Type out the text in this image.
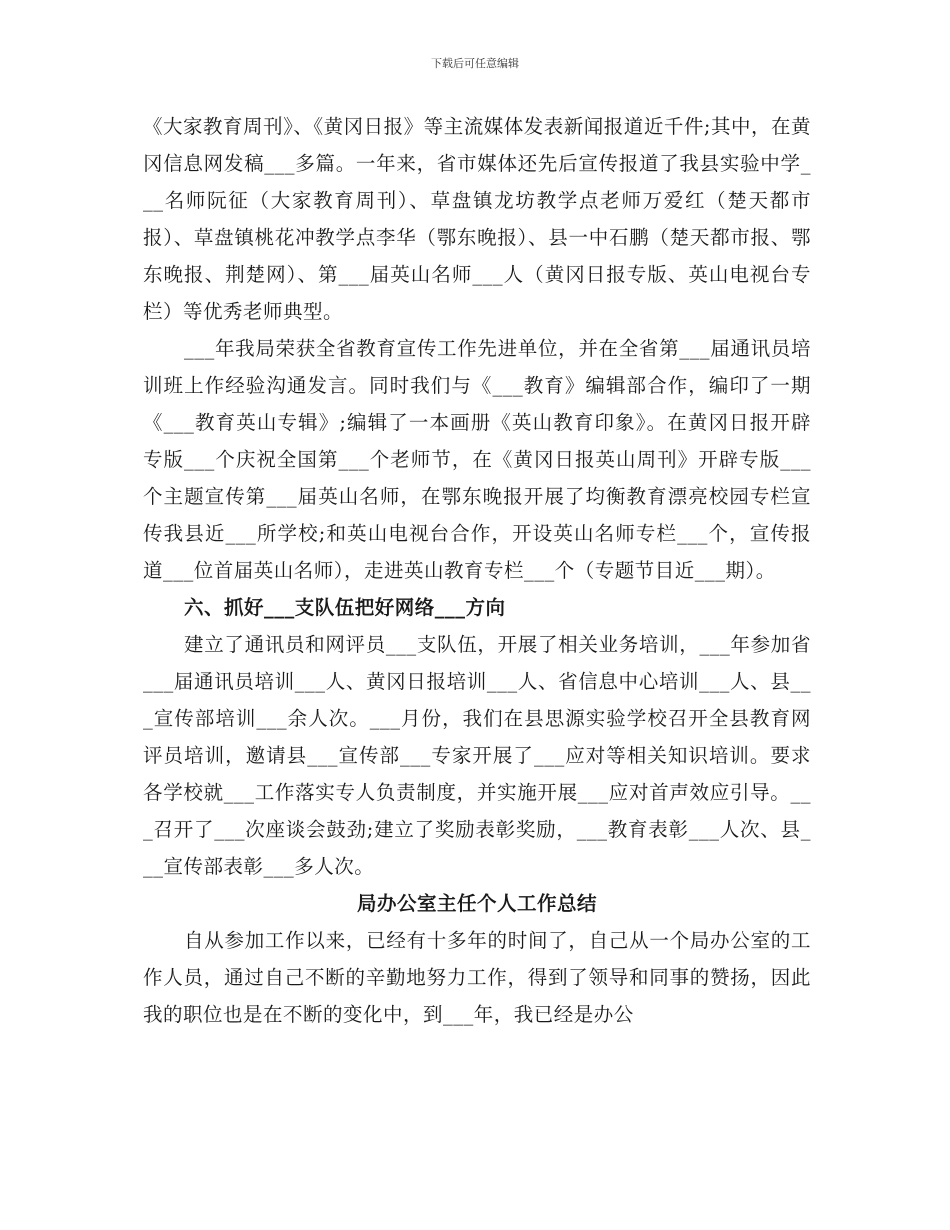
下载后可任意编辑

《大家教育周刊》、《黄冈日报》等主流媒体发表新闻报道近千件;其中，在黄冈信息网发稿___多篇。一年来，省市媒体还先后宣传报道了我县实验中学___名师阮征（大家教育周刊）、草盘镇龙坊教学点老师万爱红（楚天都市报）、草盘镇桃花冲教学点李华（鄂东晚报）、县一中石鹏（楚天都市报、鄂东晚报、荆楚网）、第___届英山名师___人（黄冈日报专版、英山电视台专栏）等优秀老师典型。

___年我局荣获全省教育宣传工作先进单位，并在全省第___届通讯员培训班上作经验沟通发言。同时我们与《___教育》编辑部合作，编印了一期《___教育英山专辑》;编辑了一本画册《英山教育印象》。在黄冈日报开辟专版___个庆祝全国第___个老师节，在《黄冈日报英山周刊》开辟专版___个主题宣传第___届英山名师，在鄂东晚报开展了均衡教育漂亮校园专栏宣传我县近___所学校;和英山电视台合作，开设英山名师专栏___个，宣传报道___位首届英山名师），走进英山教育专栏___个（专题节目近___期）。

六、抓好___支队伍把好网络___方向

建立了通讯员和网评员___支队伍，开展了相关业务培训，___年参加省___届通讯员培训___人、黄冈日报培训___人、省信息中心培训___人、县___宣传部培训___余人次。___月份，我们在县思源实验学校召开全县教育网评员培训，邀请县___宣传部___专家开展了___应对等相关知识培训。要求各学校就___工作落实专人负责制度，并实施开展___应对首声效应引导。___召开了___次座谈会鼓劲;建立了奖励表彰奖励，___教育表彰___人次、县___宣传部表彰___多人次。

局办公室主任个人工作总结

自从参加工作以来，已经有十多年的时间了，自己从一个局办公室的工作人员，通过自己不断的辛勤地努力工作，得到了领导和同事的赞扬，因此我的职位也是在不断的变化中，到___年，我已经是办公
